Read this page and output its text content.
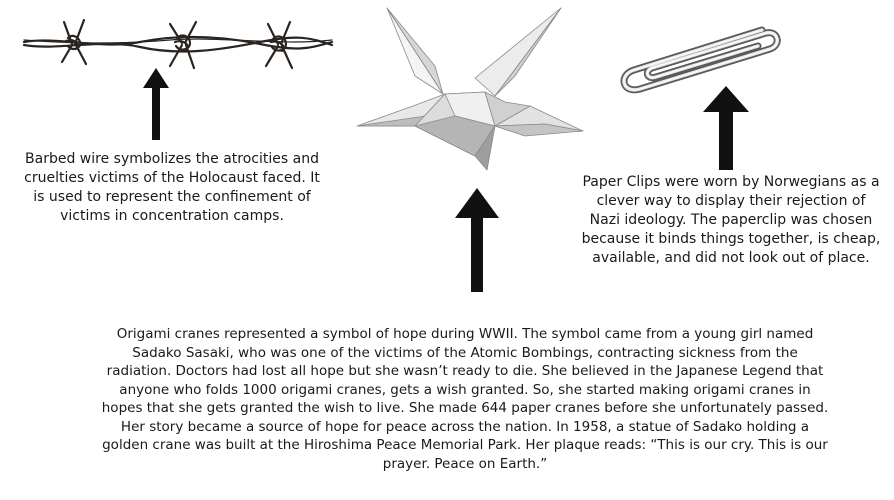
Barbed wire symbolizes the atrocities and cruelties victims of the Holocaust faced. It is used to represent the confinement of victims in concentration camps.
Origami cranes represented a symbol of hope during WWII. The symbol came from a young girl named Sadako Sasaki, who was one of the victims of the Atomic Bombings, contracting sickness from the radiation. Doctors had lost all hope but she wasn’t ready to die. She believed in the Japanese Legend that anyone who folds 1000 origami cranes, gets a wish granted. So, she started making origami cranes in hopes that she gets granted the wish to live. She made 644 paper cranes before she unfortunately passed. Her story became a source of hope for peace across the nation. In 1958, a statue of Sadako holding a golden crane was built at the Hiroshima Peace Memorial Park. Her plaque reads: “This is our cry. This is our prayer. Peace on Earth.”
Paper Clips were worn by Norwegians as a clever way to display their rejection of Nazi ideology. The paperclip was chosen because it binds things together, is cheap, available, and did not look out of place.
